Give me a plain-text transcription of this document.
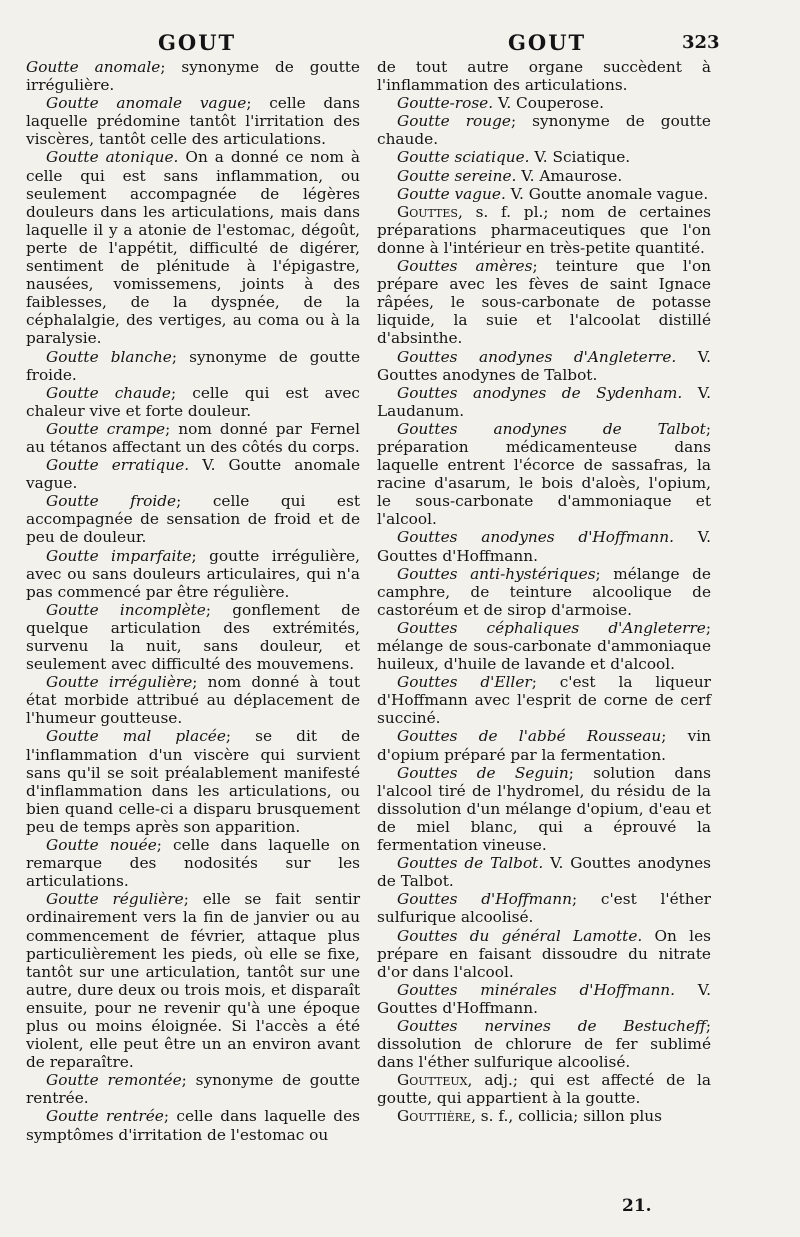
GOUT	GOUT	323

Goutte anomale; synonyme de goutte irrégulière.

Goutte anomale vague; celle dans laquelle prédomine tantôt l'irritation des viscères, tantôt celle des articulations.

Goutte atonique. On a donné ce nom à celle qui est sans inflammation, ou seulement accompagnée de légères douleurs dans les articulations, mais dans laquelle il y a atonie de l'estomac, dégoût, perte de l'appétit, difficulté de digérer, sentiment de plénitude à l'épigastre, nausées, vomissemens, joints à des faiblesses, de la dyspnée, de la céphalalgie, des vertiges, au coma ou à la paralysie.

Goutte blanche; synonyme de goutte froide.

Goutte chaude; celle qui est avec chaleur vive et forte douleur.

Goutte crampe; nom donné par Fernel au tétanos affectant un des côtés du corps.

Goutte erratique. V. Goutte anomale vague.

Goutte froide; celle qui est accompagnée de sensation de froid et de peu de douleur.

Goutte imparfaite; goutte irrégulière, avec ou sans douleurs articulaires, qui n'a pas commencé par être régulière.

Goutte incomplète; gonflement de quelque articulation des extrémités, survenu la nuit, sans douleur, et seulement avec difficulté des mouvemens.

Goutte irrégulière; nom donné à tout état morbide attribué au déplacement de l'humeur goutteuse.

Goutte mal placée; se dit de l'inflammation d'un viscère qui survient sans qu'il se soit préalablement manifesté d'inflammation dans les articulations, ou bien quand celle-ci a disparu brusquement peu de temps après son apparition.

Goutte nouée; celle dans laquelle on remarque des nodosités sur les articulations.

Goutte régulière; elle se fait sentir ordinairement vers la fin de janvier ou au commencement de février, attaque plus particulièrement les pieds, où elle se fixe, tantôt sur une articulation, tantôt sur une autre, dure deux ou trois mois, et disparaît ensuite, pour ne revenir qu'à une époque plus ou moins éloignée. Si l'accès a été violent, elle peut être un an environ avant de reparaître.

Goutte remontée; synonyme de goutte rentrée.

Goutte rentrée; celle dans laquelle des symptômes d'irritation de l'estomac ou

de tout autre organe succèdent à l'inflammation des articulations.

Goutte-rose. V. Couperose.

Goutte rouge; synonyme de goutte chaude.

Goutte sciatique. V. Sciatique.

Goutte sereine. V. Amaurose.

Goutte vague. V. Goutte anomale vague.

Gouttes, s. f. pl.; nom de certaines préparations pharmaceutiques que l'on donne à l'intérieur en très-petite quantité.

Gouttes amères; teinture que l'on prépare avec les fèves de saint Ignace râpées, le sous-carbonate de potasse liquide, la suie et l'alcoolat distillé d'absinthe.

Gouttes anodynes d'Angleterre. V. Gouttes anodynes de Talbot.

Gouttes anodynes de Sydenham. V. Laudanum.

Gouttes anodynes de Talbot; préparation médicamenteuse dans laquelle entrent l'écorce de sassafras, la racine d'asarum, le bois d'aloès, l'opium, le sous-carbonate d'ammoniaque et l'alcool.

Gouttes anodynes d'Hoffmann. V. Gouttes d'Hoffmann.

Gouttes anti-hystériques; mélange de camphre, de teinture alcoolique de castoréum et de sirop d'armoise.

Gouttes céphaliques d'Angleterre; mélange de sous-carbonate d'ammoniaque huileux, d'huile de lavande et d'alcool.

Gouttes d'Eller; c'est la liqueur d'Hoffmann avec l'esprit de corne de cerf succiné.

Gouttes de l'abbé Rousseau; vin d'opium préparé par la fermentation.

Gouttes de Seguin; solution dans l'alcool tiré de l'hydromel, du résidu de la dissolution d'un mélange d'opium, d'eau et de miel blanc, qui a éprouvé la fermentation vineuse.

Gouttes de Talbot. V. Gouttes anodynes de Talbot.

Gouttes d'Hoffmann; c'est l'éther sulfurique alcoolisé.

Gouttes du général Lamotte. On les prépare en faisant dissoudre du nitrate d'or dans l'alcool.

Gouttes minérales d'Hoffmann. V. Gouttes d'Hoffmann.

Gouttes nervines de Bestucheff; dissolution de chlorure de fer sublimé dans l'éther sulfurique alcoolisé.

Goutteux, adj.; qui est affecté de la goutte, qui appartient à la goutte.

Gouttière, s. f., collicia; sillon plus

21.
